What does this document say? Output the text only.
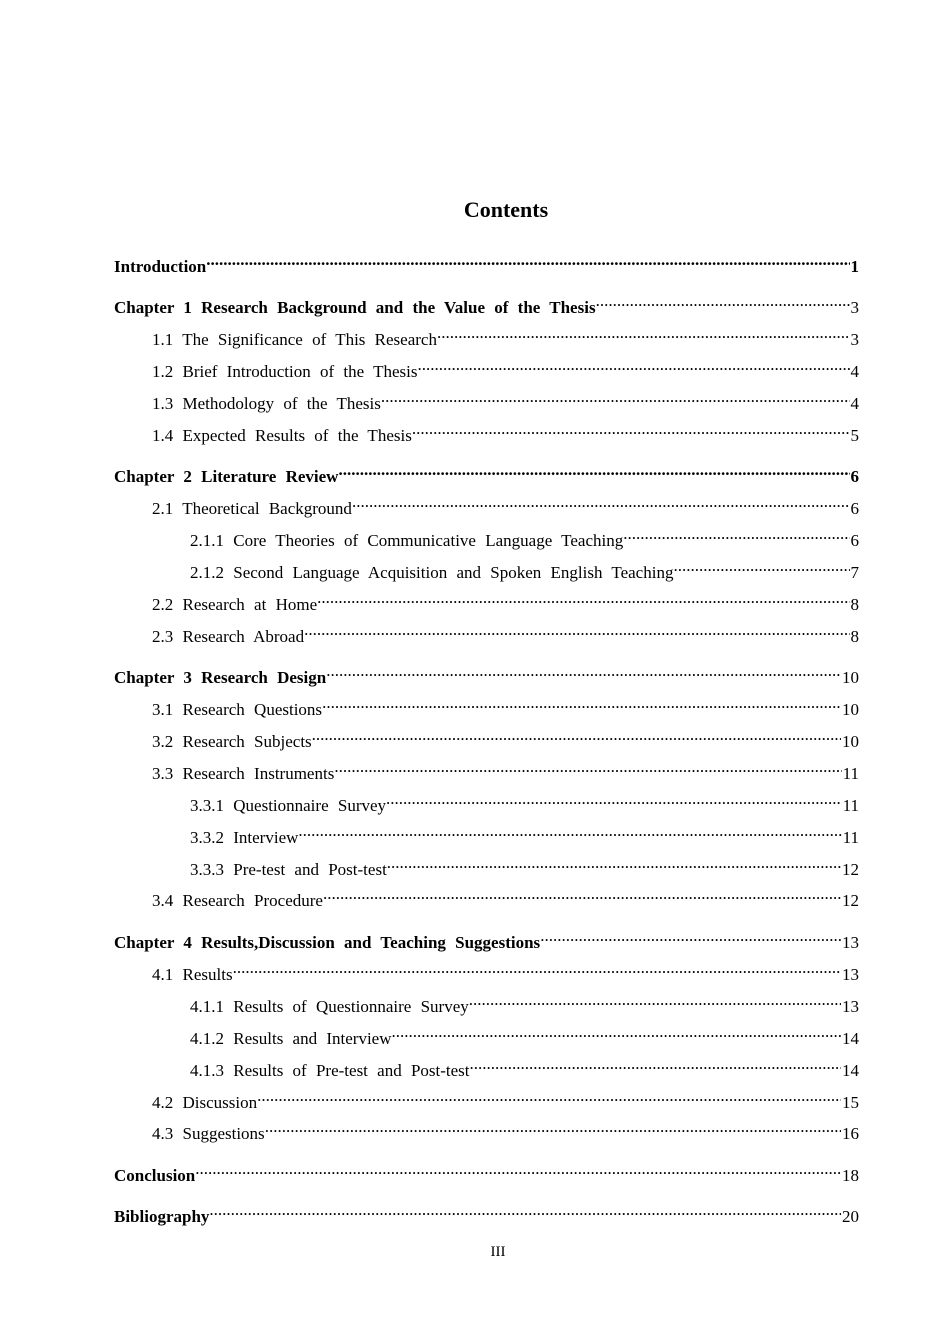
Contents
Introduction .....	1
Chapter 1 Research Background and the Value of the Thesis .....	3
1.1 The Significance of This Research .....	3
1.2 Brief Introduction of the Thesis .....	4
1.3 Methodology of the Thesis .....	4
1.4 Expected Results of the Thesis .....	5
Chapter 2 Literature Review .....	6
2.1 Theoretical Background .....	6
2.1.1 Core Theories of Communicative Language Teaching .....	6
2.1.2 Second Language Acquisition and Spoken English Teaching .....	7
2.2 Research at Home .....	8
2.3 Research Abroad .....	8
Chapter 3 Research Design .....	10
3.1 Research Questions .....	10
3.2 Research Subjects .....	10
3.3 Research Instruments .....	11
3.3.1 Questionnaire Survey .....	11
3.3.2 Interview .....	11
3.3.3 Pre-test and Post-test .....	12
3.4 Research Procedure .....	12
Chapter 4 Results,Discussion and Teaching Suggestions .....	13
4.1 Results .....	13
4.1.1 Results of Questionnaire Survey .....	13
4.1.2 Results and Interview .....	14
4.1.3 Results of Pre-test and Post-test .....	14
4.2 Discussion .....	15
4.3 Suggestions .....	16
Conclusion .....	18
Bibliography .....	20
III
